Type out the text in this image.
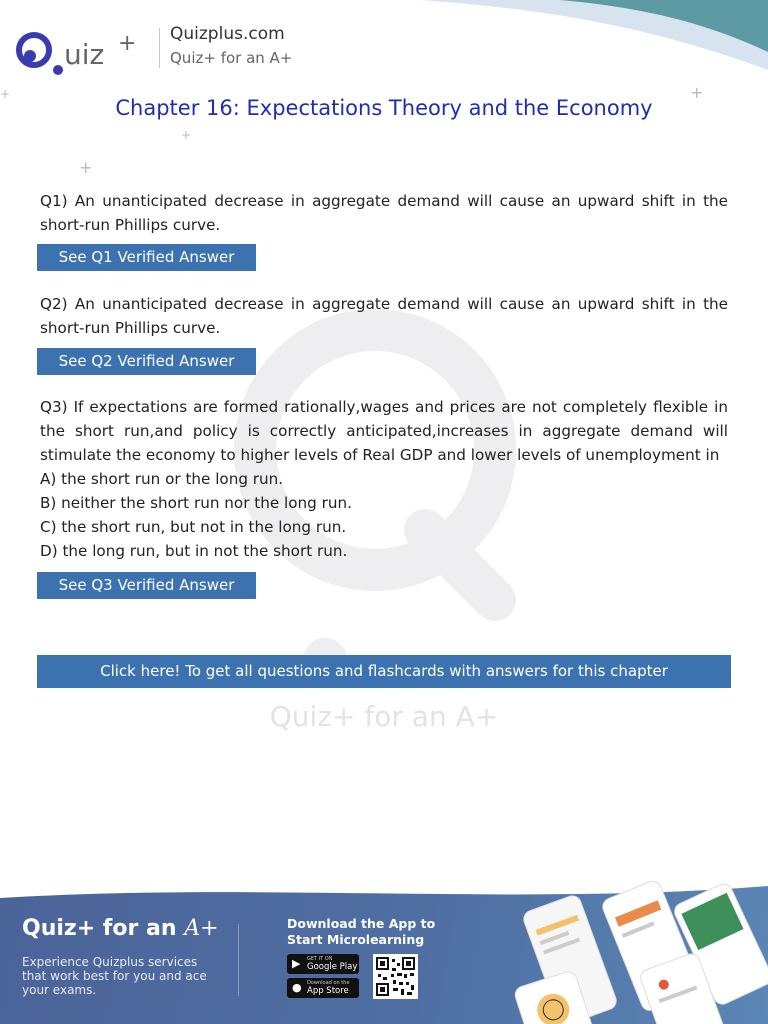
+
+
+
+
Quiz+ for an A+
uiz + Quizplus.com
Quiz+ for an A+
Chapter 16: Expectations Theory and the Economy

Q1) An unanticipated decrease in aggregate demand will cause an upward shift in the short-run Phillips curve.

See Q1 Verified Answer

Q2) An unanticipated decrease in aggregate demand will cause an upward shift in the short-run Phillips curve.

See Q2 Verified Answer

Q3) If expectations are formed rationally,wages and prices are not completely flexible in the short run,and policy is correctly anticipated,increases in aggregate demand will stimulate the economy to higher levels of Real GDP and lower levels of unemployment in

A) the short run or the long run.

B) neither the short run nor the long run.

C) the short run, but not in the long run.

D) the long run, but in not the short run.

See Q3 Verified Answer
Click here! To get all questions and flashcards with answers for this chapter
Quiz+ for an A+
Experience Quizplus services that work best for you and ace your exams.
Download the App to Start Microlearning
▶ GET IT ON
Google Play
● Download on the
App Store
